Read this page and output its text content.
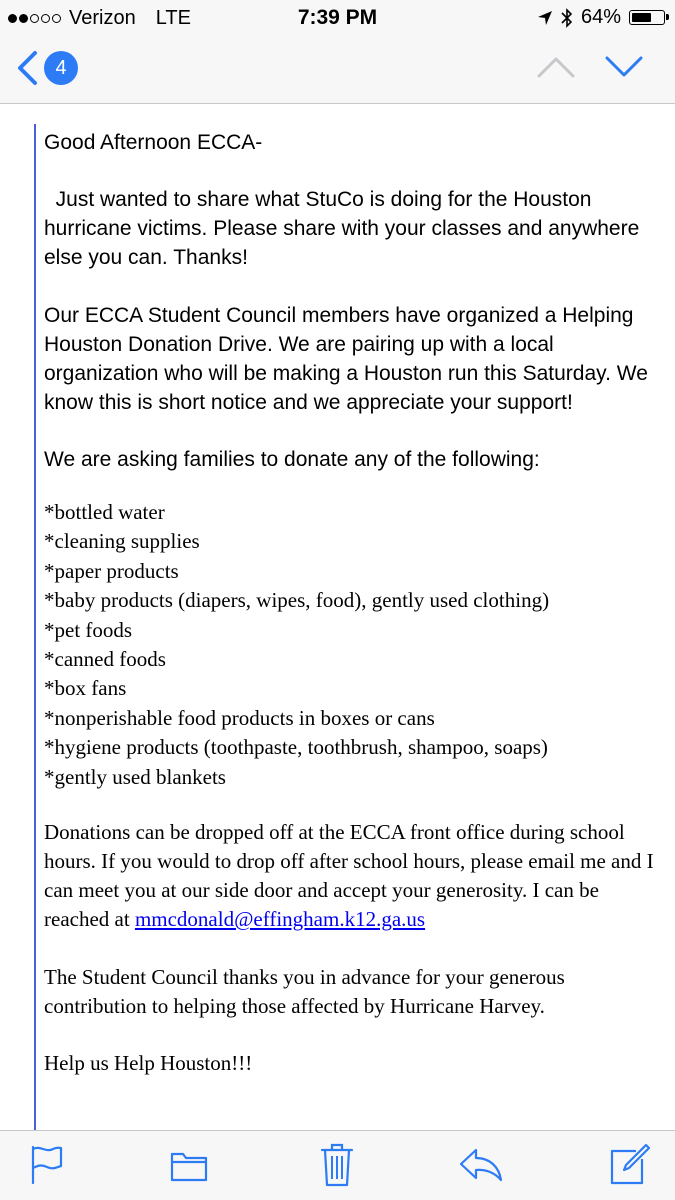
Verizon LTE	7:39 PM	64%
4

Good Afternoon ECCA-

Just wanted to share what StuCo is doing for the Houston hurricane victims. Please share with your classes and anywhere else you can. Thanks!

Our ECCA Student Council members have organized a Helping Houston Donation Drive. We are pairing up with a local organization who will be making a Houston run this Saturday. We know this is short notice and we appreciate your support!

We are asking families to donate any of the following:

*bottled water
*cleaning supplies
*paper products
*baby products (diapers, wipes, food), gently used clothing)
*pet foods
*canned foods
*box fans
*nonperishable food products in boxes or cans
*hygiene products (toothpaste, toothbrush, shampoo, soaps)
*gently used blankets

Donations can be dropped off at the ECCA front office during school hours. If you would to drop off after school hours, please email me and I can meet you at our side door and accept your generosity. I can be reached at mmcdonald@effingham.k12.ga.us

The Student Council thanks you in advance for your generous contribution to helping those affected by Hurricane Harvey.

Help us Help Houston!!!
